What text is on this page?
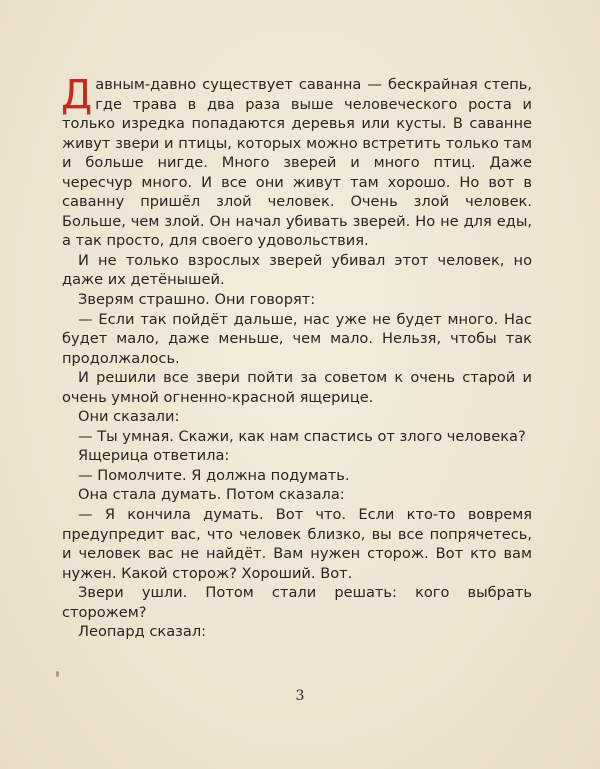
Давным-давно существует саванна — бескрайная степь, где трава в два раза выше человеческого роста и только изредка попадаются деревья или кусты. В саванне живут звери и птицы, которых можно встретить только там и больше нигде. Много зверей и много птиц. Даже чересчур много. И все они живут там хорошо. Но вот в саванну пришёл злой человек. Очень злой человек. Больше, чем злой. Он начал убивать зверей. Но не для еды, а так просто, для своего удовольствия.

И не только взрослых зверей убивал этот человек, но даже их детёнышей.

Зверям страшно. Они говорят:

— Если так пойдёт дальше, нас уже не будет много. Нас будет мало, даже меньше, чем мало. Нельзя, чтобы так продолжалось.

И решили все звери пойти за советом к очень старой и очень умной огненно-красной ящерице.

Они сказали:

— Ты умная. Скажи, как нам спастись от злого человека?

Ящерица ответила:

— Помолчите. Я должна подумать.

Она стала думать. Потом сказала:

— Я кончила думать. Вот что. Если кто-то вовремя предупредит вас, что человек близко, вы все попрячетесь, и человек вас не найдёт. Вам нужен сторож. Вот кто вам нужен. Какой сторож? Хороший. Вот.

Звери ушли. Потом стали решать: кого выбрать сторожем?

Леопард сказал:

3
